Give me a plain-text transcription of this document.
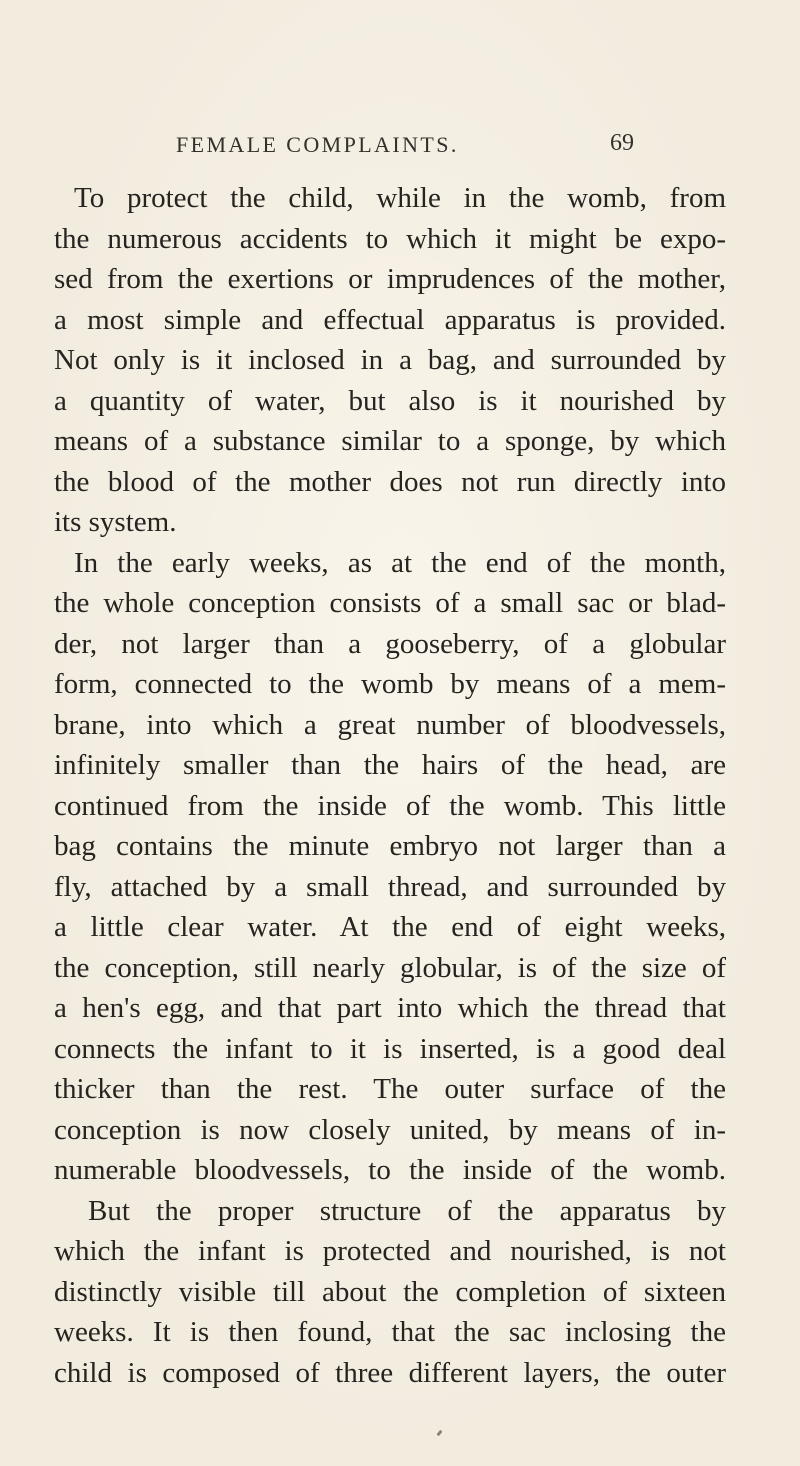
FEMALE COMPLAINTS.	69
To protect the child, while in the womb, from
the numerous accidents to which it might be expo-
sed from the exertions or imprudences of the mother,
a most simple and effectual apparatus is provided.
Not only is it inclosed in a bag, and surrounded by
a quantity of water, but also is it nourished by
means of a substance similar to a sponge, by which
the blood of the mother does not run directly into
its system.
In the early weeks, as at the end of the month,
the whole conception consists of a small sac or blad-
der, not larger than a gooseberry, of a globular
form, connected to the womb by means of a mem-
brane, into which a great number of bloodvessels,
infinitely smaller than the hairs of the head, are
continued from the inside of the womb. This little
bag contains the minute embryo not larger than a
fly, attached by a small thread, and surrounded by
a little clear water. At the end of eight weeks,
the conception, still nearly globular, is of the size of
a hen's egg, and that part into which the thread that
connects the infant to it is inserted, is a good deal
thicker than the rest. The outer surface of the
conception is now closely united, by means of in-
numerable bloodvessels, to the inside of the womb.
But the proper structure of the apparatus by
which the infant is protected and nourished, is not
distinctly visible till about the completion of sixteen
weeks. It is then found, that the sac inclosing the
child is composed of three different layers, the outer
